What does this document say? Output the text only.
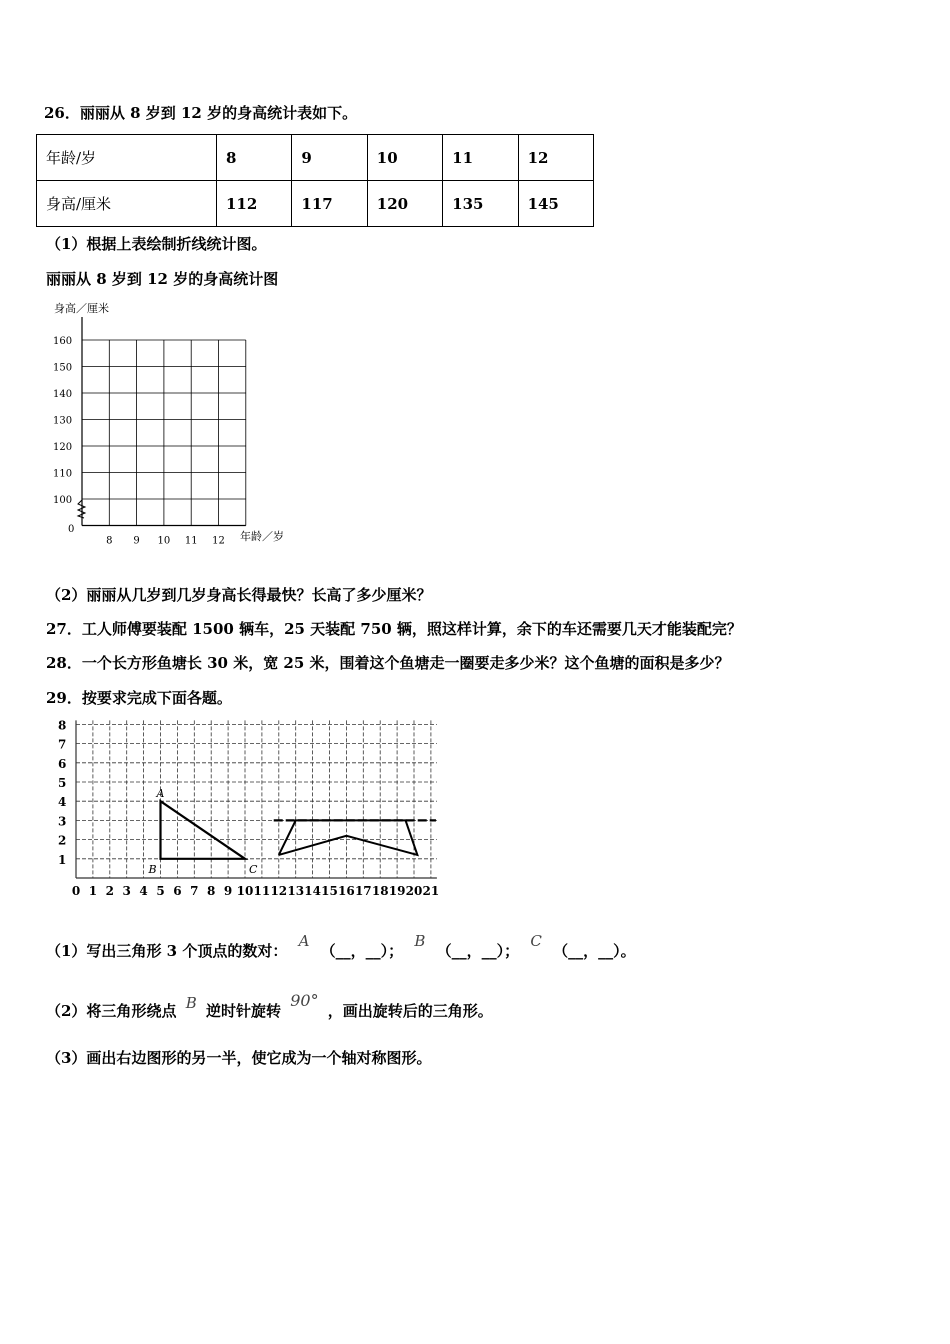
26．丽丽从 8 岁到 12 岁的身高统计表如下。
年龄/岁	8	9	10	11	12
身高/厘米	112	117	120	135	145
（1）根据上表绘制折线统计图。
丽丽从 8 岁到 12 岁的身高统计图
身高／厘米
年龄／岁
0
160
150
140
130
120
110
100
8 9 10 11 12
（2）丽丽从几岁到几岁身高长得最快？长高了多少厘米？
27．工人师傅要装配 1500 辆车，25 天装配 750 辆，照这样计算，余下的车还需要几天才能装配完？
28．一个长方形鱼塘长 30 米，宽 25 米，围着这个鱼塘走一圈要走多少米？这个鱼塘的面积是多少？
29．按要求完成下面各题。
1
2
3
4
5
6
7
8
0 1 2 3 4 5 6 7 8 9 10 11 12 13 14 15 16 17 18 19 20 21
A
B	C
（1）写出三角形 3 个顶点的数对： A （__，__）； B （__，__）； C （__，__）。
（2）将三角形绕点 B 逆时针旋转 90° ，画出旋转后的三角形。
（3）画出右边图形的另一半，使它成为一个轴对称图形。
